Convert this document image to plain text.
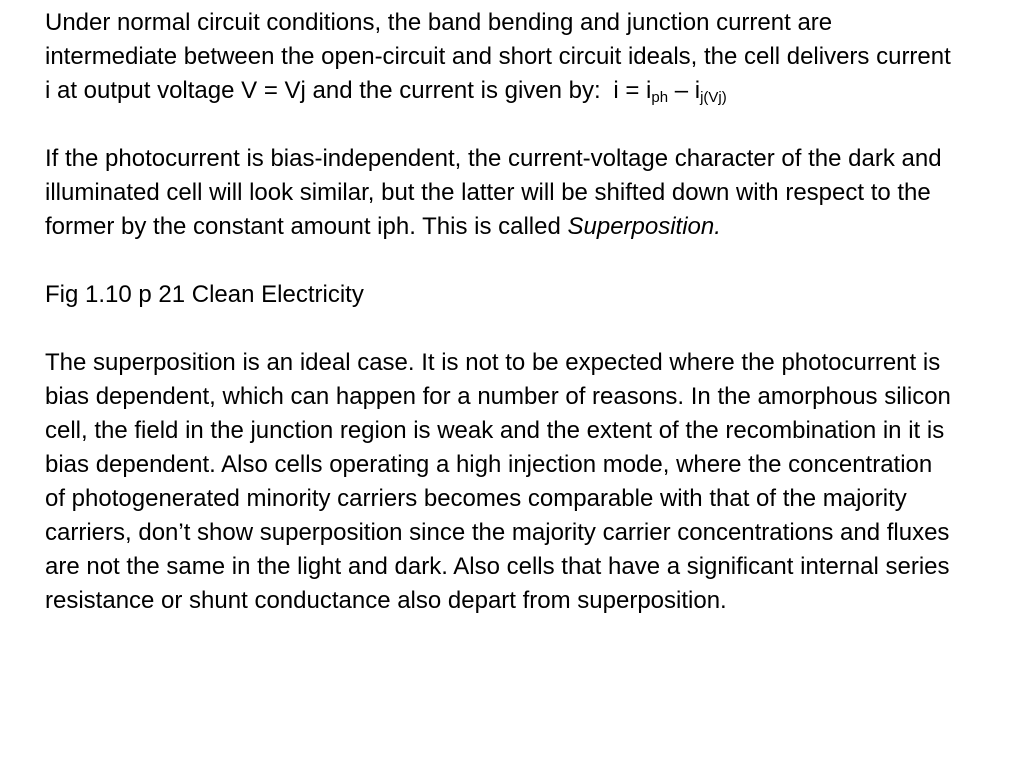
Under normal circuit conditions, the band bending and junction current are intermediate between the open-circuit and short circuit ideals, the cell delivers current i at output voltage V = Vj and the current is given by: $i = i_{ph} - i_{j(Vj)}$

If the photocurrent is bias-independent, the current-voltage character of the dark and illuminated cell will look similar, but the latter will be shifted down with respect to the former by the constant amount iph. This is called Superposition.

Fig 1.10 p 21 Clean Electricity

The superposition is an ideal case. It is not to be expected where the photocurrent is bias dependent, which can happen for a number of reasons. In the amorphous silicon cell, the field in the junction region is weak and the extent of the recombination in it is bias dependent. Also cells operating a high injection mode, where the concentration of photogenerated minority carriers becomes comparable with that of the majority carriers, don’t show superposition since the majority carrier concentrations and fluxes are not the same in the light and dark. Also cells that have a significant internal series resistance or shunt conductance also depart from superposition.
